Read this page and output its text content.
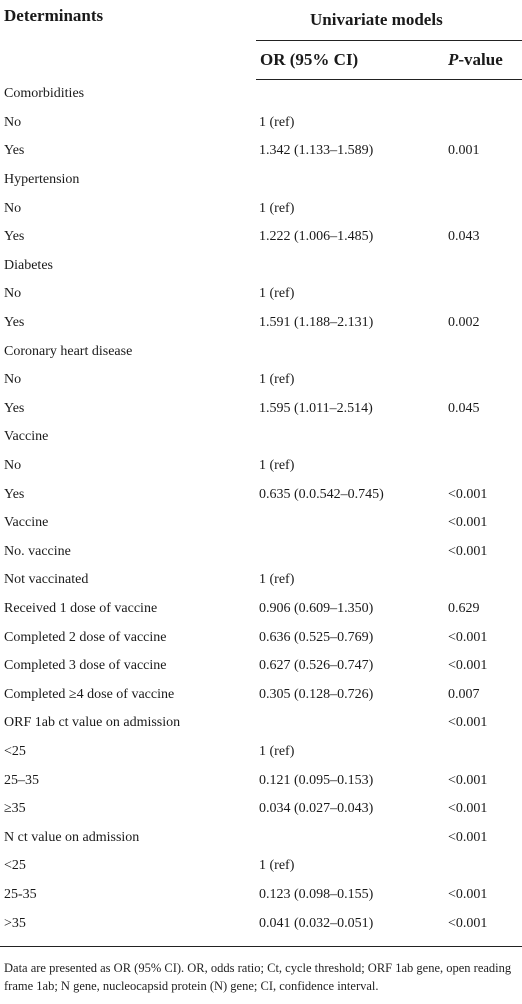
Determinants	Univariate models	
	OR (95% CI)	P-value
Comorbidities		
No	1 (ref)	
Yes	1.342 (1.133–1.589)	0.001
Hypertension		
No	1 (ref)	
Yes	1.222 (1.006–1.485)	0.043
Diabetes		
No	1 (ref)	
Yes	1.591 (1.188–2.131)	0.002
Coronary heart disease		
No	1 (ref)	
Yes	1.595 (1.011–2.514)	0.045
Vaccine		
No	1 (ref)	
Yes	0.635 (0.0.542–0.745)	<0.001
Vaccine		<0.001
No. vaccine		<0.001
Not vaccinated	1 (ref)	
Received 1 dose of vaccine	0.906 (0.609–1.350)	0.629
Completed 2 dose of vaccine	0.636 (0.525–0.769)	<0.001
Completed 3 dose of vaccine	0.627 (0.526–0.747)	<0.001
Completed ≥4 dose of vaccine	0.305 (0.128–0.726)	0.007
ORF 1ab ct value on admission		<0.001
<25	1 (ref)	
25–35	0.121 (0.095–0.153)	<0.001
≥35	0.034 (0.027–0.043)	<0.001
N ct value on admission		<0.001
<25	1 (ref)	
25-35	0.123 (0.098–0.155)	<0.001
>35	0.041 (0.032–0.051)	<0.001
Data are presented as OR (95% CI). OR, odds ratio; Ct, cycle threshold; ORF 1ab gene, open reading frame 1ab; N gene, nucleocapsid protein (N) gene; CI, confidence interval.
